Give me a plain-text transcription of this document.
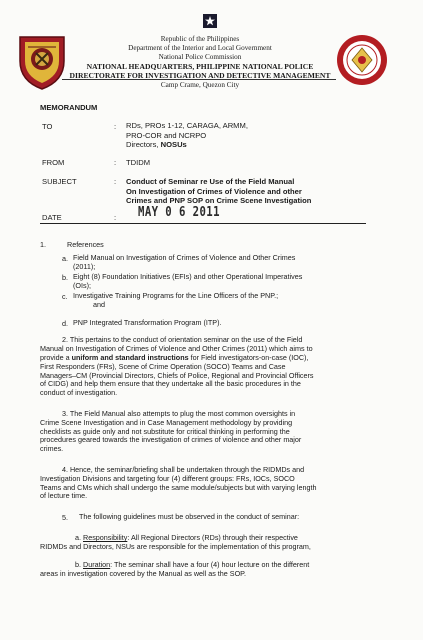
Republic of the Philippines
Department of the Interior and Local Government
National Police Commission
NATIONAL HEADQUARTERS, PHILIPPINE NATIONAL POLICE
DIRECTORATE FOR INVESTIGATION AND DETECTIVE MANAGEMENT
Camp Crame, Quezon City
MEMORANDUM
TO	: RDs, PROs 1-12, CARAGA, ARMM,
PRO-COR and NCRPO
Directors, NOSUs
FROM	: TDIDM
SUBJECT	: Conduct of Seminar re Use of the Field Manual
On Investigation of Crimes of Violence and other
Crimes and PNP SOP on Crime Scene Investigation
DATE	: MAY 0 6 2011
1.	References
a. Field Manual on Investigation of Crimes of Violence and Other Crimes
(2011);
b. Eight (8) Foundation Initiatives (EFIs) and other Operational Imperatives
(OIs);
c. Investigative Training Programs for the Line Officers of the PNP.;
and
d. PNP Integrated Transformation Program (ITP).
2. This pertains to the conduct of orientation seminar on the use of the Field
Manual on Investigation of Crimes of Violence and Other Crimes (2011) which aims to
provide a uniform and standard instructions for Field investigators-on-case (IOC),
First Responders (FRs), Scene of Crime Operation (SOCO) Teams and Case
Managers–CM (Provincial Directors, Chiefs of Police, Regional and Provincial Officers
of CIDG) and help them ensure that they undertake all the basic procedures in the
conduct of investigation.
3. The Field Manual also attempts to plug the most common oversights in
Crime Scene Investigation and in Case Management methodology by providing
checklists as guide only and not substitute for critical thinking in performing the
procedures geared towards the investigation of crimes of violence and other major
crimes.
4. Hence, the seminar/briefing shall be undertaken through the RIDMDs and
Investigation Divisions and targeting four (4) different groups: FRs, IOCs, SOCO
Teams and CMs which shall undergo the same module/subjects but with varying length
of lecture time.
5. The following guidelines must be observed in the conduct of seminar:
a. Responsibility: All Regional Directors (RDs) through their respective
RIDMDs and Directors, NSUs are responsible for the implementation of this program,
b. Duration: The seminar shall have a four (4) hour lecture on the different
areas in investigation covered by the Manual as well as the SOP.
